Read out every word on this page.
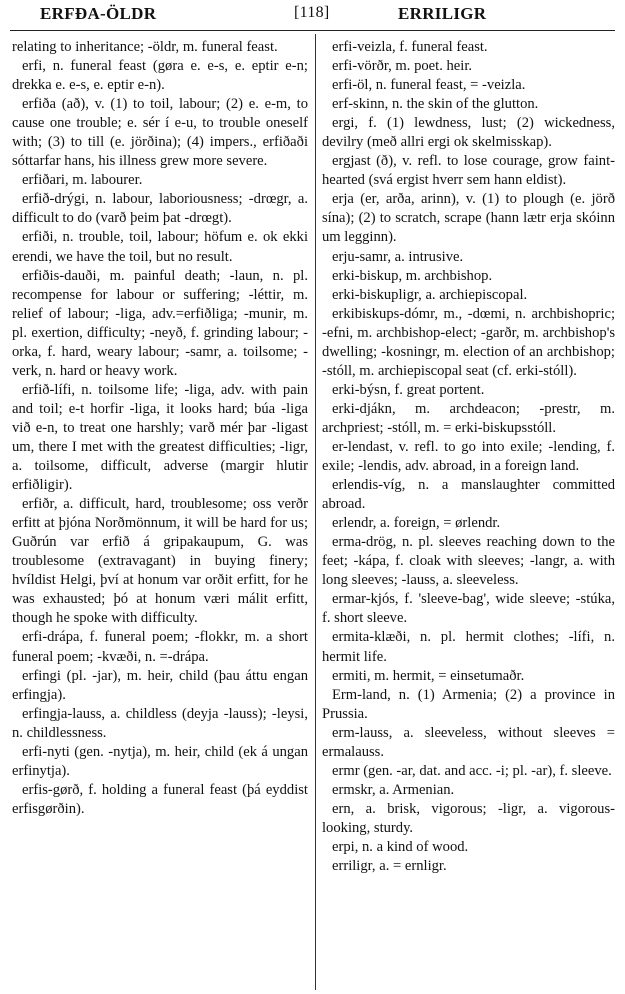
ERFÐA-ÖLDR	[118]	ERRILIGR

relating to inheritance; -öldr, m. funeral feast.

erfi, n. funeral feast (gøra e. e-s, e. eptir e-n; drekka e. e-s, e. eptir e-n).

erfiða (að), v. (1) to toil, labour; (2) e. e-m, to cause one trouble; e. sér í e-u, to trouble oneself with; (3) to till (e. jörðina); (4) impers., erfiðaði sóttarfar hans, his illness grew more severe.

erfiðari, m. labourer.

erfið-drýgi, n. labour, laboriousness; -drœgr, a. difficult to do (varð þeim þat -drœgt).

erfiði, n. trouble, toil, labour; höfum e. ok ekki erendi, we have the toil, but no result.

erfiðis-dauði, m. painful death; -laun, n. pl. recompense for labour or suffering; -léttir, m. relief of labour; -liga, adv.=erfiðliga; -munir, m. pl. exertion, difficulty; -neyð, f. grinding labour; -orka, f. hard, weary labour; -samr, a. toilsome; -verk, n. hard or heavy work.

erfið-lífi, n. toilsome life; -liga, adv. with pain and toil; e-t horfir -liga, it looks hard; búa -liga við e-n, to treat one harshly; varð mér þar -ligast um, there I met with the greatest difficulties; -ligr, a. toilsome, difficult, adverse (margir hlutir erfiðligir).

erfiðr, a. difficult, hard, troublesome; oss verðr erfitt at þjóna Norðmönnum, it will be hard for us; Guðrún var erfið á gripakaupum, G. was troublesome (extravagant) in buying finery; hvíldist Helgi, því at honum var orðit erfitt, for he was exhausted; þó at honum væri málit erfitt, though he spoke with difficulty.

erfi-drápa, f. funeral poem; -flokkr, m. a short funeral poem; -kvæði, n. =-drápa.

erfingi (pl. -jar), m. heir, child (þau áttu engan erfingja).

erfingja-lauss, a. childless (deyja -lauss); -leysi, n. childlessness.

erfi-nyti (gen. -nytja), m. heir, child (ek á ungan erfinytja).

erfis-gørð, f. holding a funeral feast (þá eyddist erfisgørðin).

erfi-veizla, f. funeral feast.

erfi-vörðr, m. poet. heir.

erfi-öl, n. funeral feast, = -veizla.

erf-skinn, n. the skin of the glutton.

ergi, f. (1) lewdness, lust; (2) wickedness, devilry (með allri ergi ok skelmisskap).

ergjast (ð), v. refl. to lose courage, grow faint-hearted (svá ergist hverr sem hann eldist).

erja (er, arða, arinn), v. (1) to plough (e. jörð sína); (2) to scratch, scrape (hann lætr erja skóinn um legginn).

erju-samr, a. intrusive.

erki-biskup, m. archbishop.

erki-biskupligr, a. archiepiscopal.

erkibiskups-dómr, m., -dœmi, n. archbishopric; -efni, m. archbishop-elect; -garðr, m. archbishop's dwelling; -kosningr, m. election of an archbishop; -stóll, m. archiepiscopal seat (cf. erki-stóll).

erki-býsn, f. great portent.

erki-djákn, m. archdeacon; -prestr, m. archpriest; -stóll, m. = erki-biskupsstóll.

er-lendast, v. refl. to go into exile; -lending, f. exile; -lendis, adv. abroad, in a foreign land.

erlendis-víg, n. a manslaughter committed abroad.

erlendr, a. foreign, = ørlendr.

erma-drög, n. pl. sleeves reaching down to the feet; -kápa, f. cloak with sleeves; -langr, a. with long sleeves; -lauss, a. sleeveless.

ermar-kjós, f. 'sleeve-bag', wide sleeve; -stúka, f. short sleeve.

ermita-klæði, n. pl. hermit clothes; -lífi, n. hermit life.

ermiti, m. hermit, = einsetumaðr.

Erm-land, n. (1) Armenia; (2) a province in Prussia.

erm-lauss, a. sleeveless, without sleeves = ermalauss.

ermr (gen. -ar, dat. and acc. -i; pl. -ar), f. sleeve.

ermskr, a. Armenian.

ern, a. brisk, vigorous; -ligr, a. vigorous-looking, sturdy.

erpi, n. a kind of wood.

erriligr, a. = ernligr.
